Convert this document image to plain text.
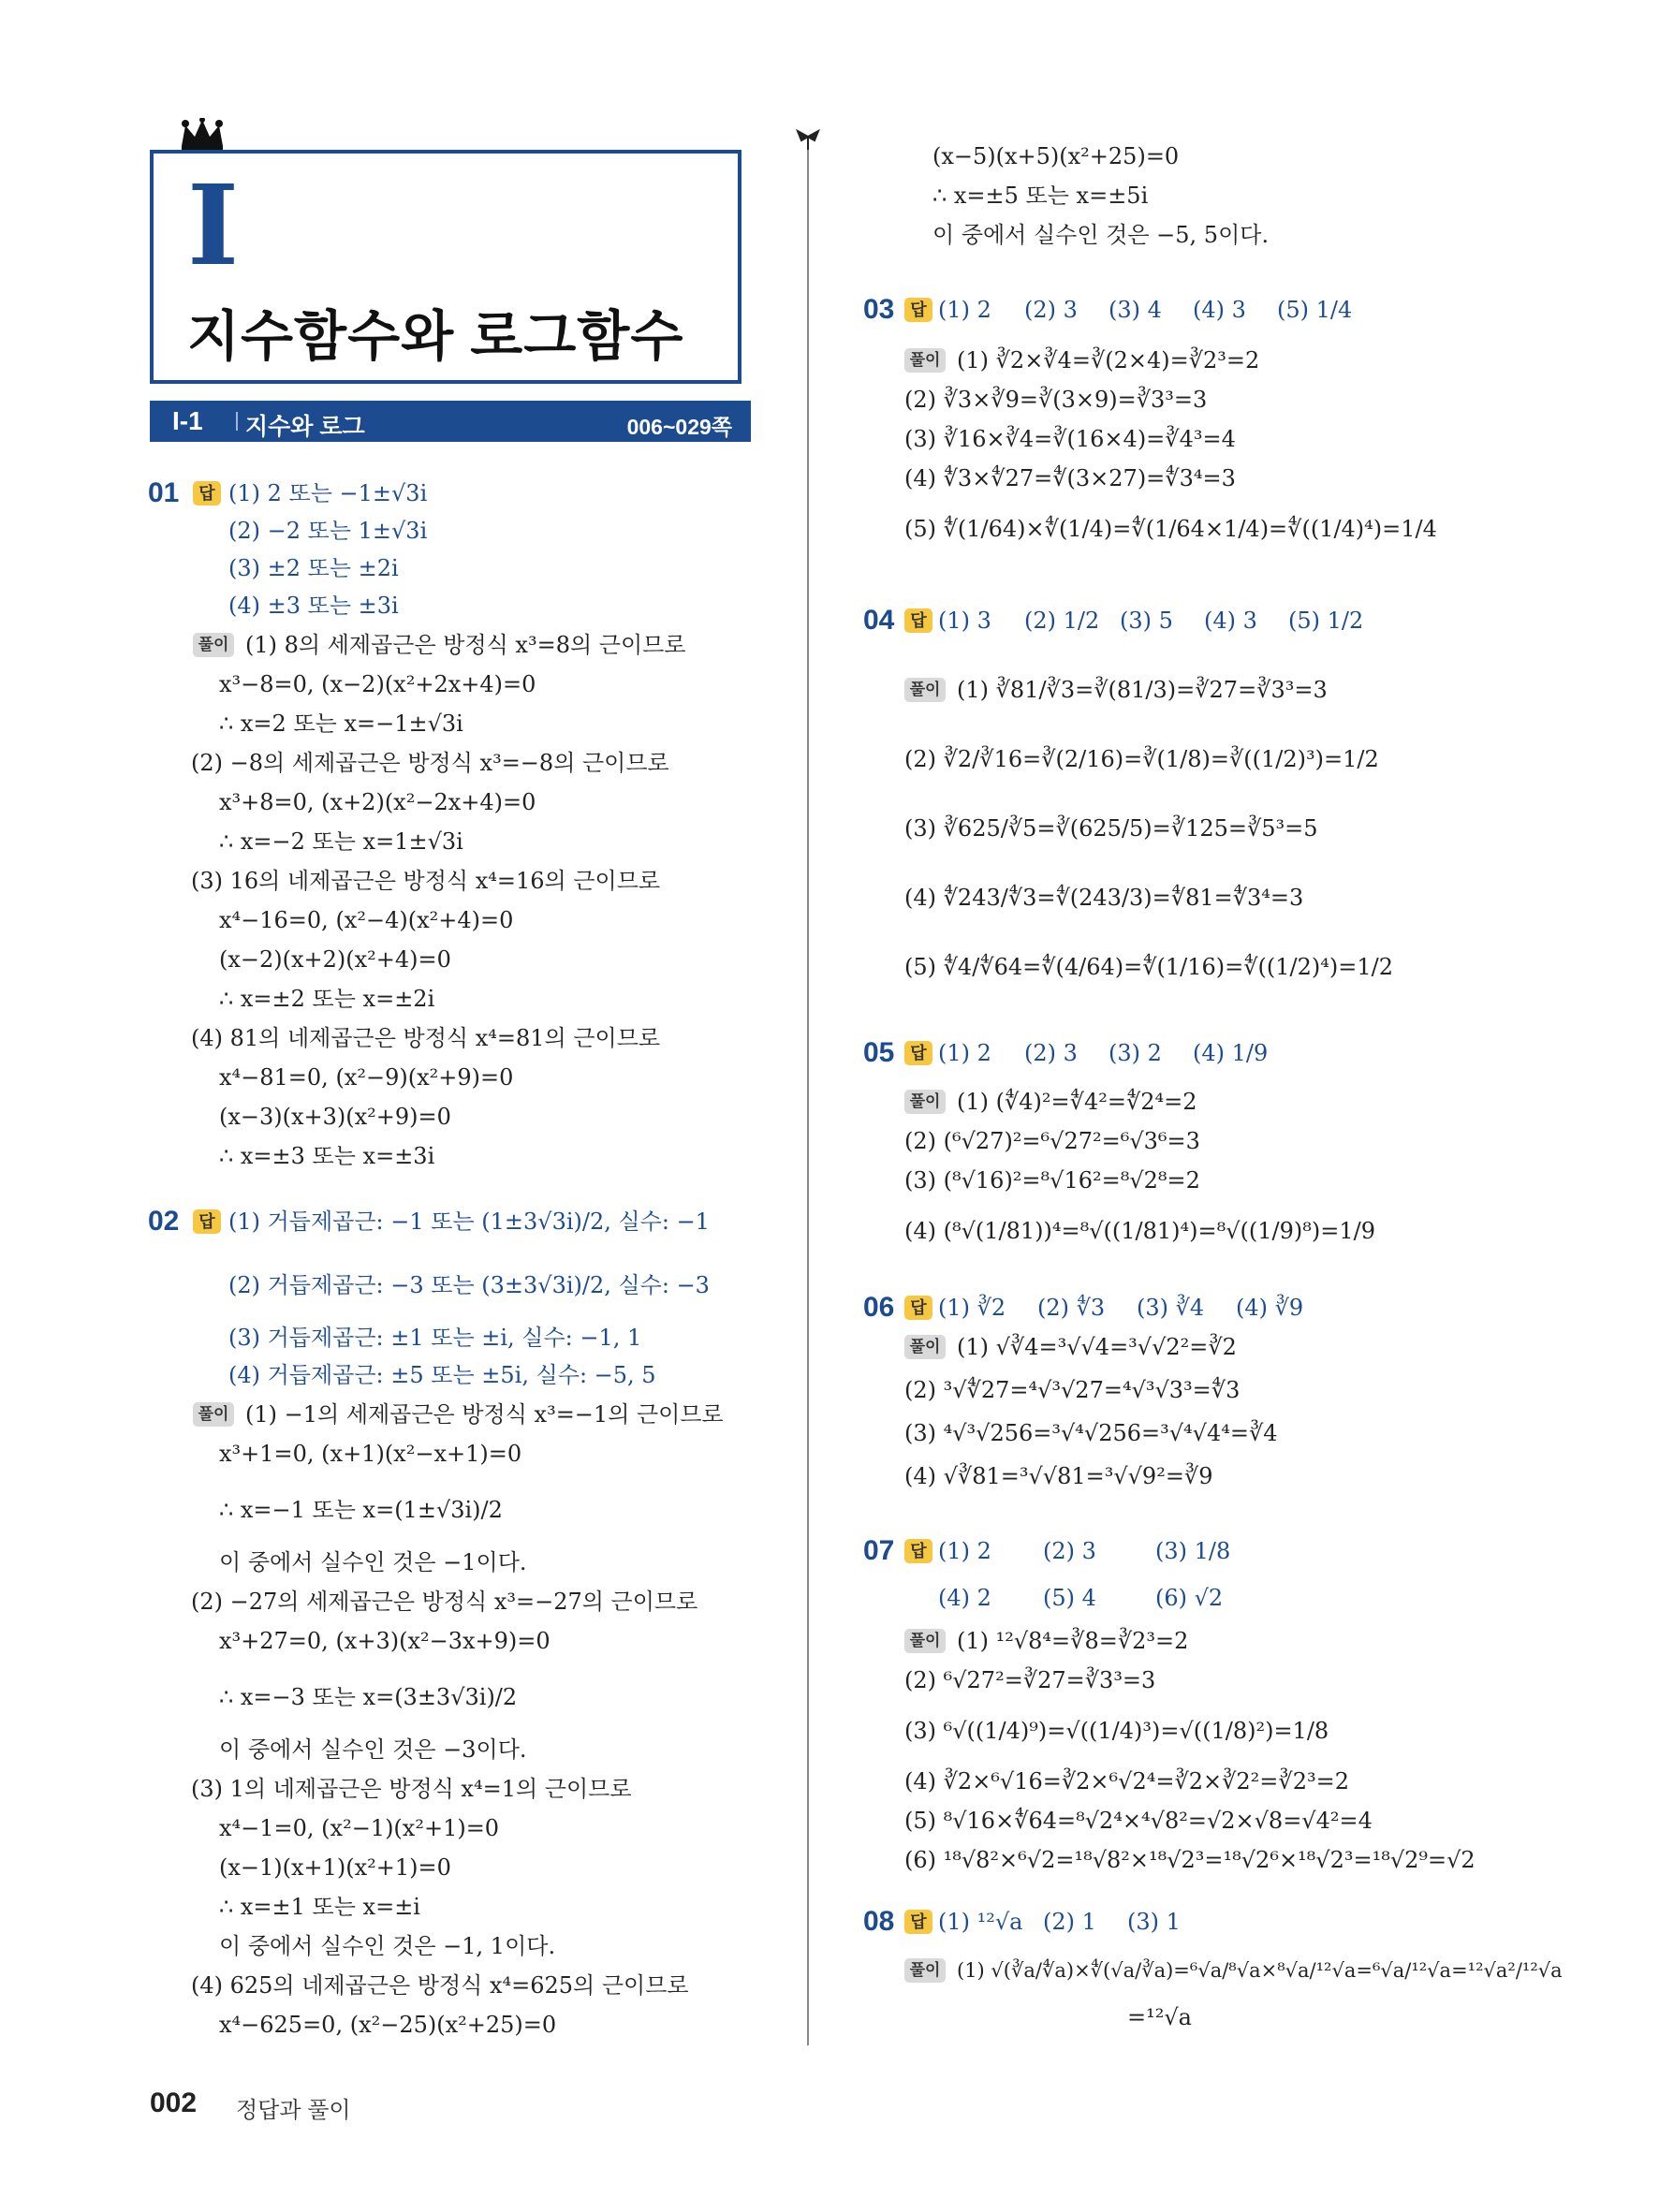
I
지수함수와 로그함수
I-1 지수와 로그	006~029쪽
01	답 (1) 2 또는 −1±√3i
(2) −2 또는 1±√3i
(3) ±2 또는 ±2i
(4) ±3 또는 ±3i
풀이 (1) 8의 세제곱근은 방정식 x³=8의 근이므로
x³−8=0, (x−2)(x²+2x+4)=0
∴ x=2 또는 x=−1±√3i
(2) −8의 세제곱근은 방정식 x³=−8의 근이므로
x³+8=0, (x+2)(x²−2x+4)=0
∴ x=−2 또는 x=1±√3i
(3) 16의 네제곱근은 방정식 x⁴=16의 근이므로
x⁴−16=0, (x²−4)(x²+4)=0
(x−2)(x+2)(x²+4)=0
∴ x=±2 또는 x=±2i
(4) 81의 네제곱근은 방정식 x⁴=81의 근이므로
x⁴−81=0, (x²−9)(x²+9)=0
(x−3)(x+3)(x²+9)=0
∴ x=±3 또는 x=±3i
02	답 (1) 거듭제곱근: −1 또는 (1±3√3i)/2, 실수: −1
(2) 거듭제곱근: −3 또는 (3±3√3i)/2, 실수: −3
(3) 거듭제곱근: ±1 또는 ±i, 실수: −1, 1
(4) 거듭제곱근: ±5 또는 ±5i, 실수: −5, 5
풀이 (1) −1의 세제곱근은 방정식 x³=−1의 근이므로
x³+1=0, (x+1)(x²−x+1)=0
∴ x=−1 또는 x=(1±√3i)/2
이 중에서 실수인 것은 −1이다.
(2) −27의 세제곱근은 방정식 x³=−27의 근이므로
x³+27=0, (x+3)(x²−3x+9)=0
∴ x=−3 또는 x=(3±3√3i)/2
이 중에서 실수인 것은 −3이다.
(3) 1의 네제곱근은 방정식 x⁴=1의 근이므로
x⁴−1=0, (x²−1)(x²+1)=0
(x−1)(x+1)(x²+1)=0
∴ x=±1 또는 x=±i
이 중에서 실수인 것은 −1, 1이다.
(4) 625의 네제곱근은 방정식 x⁴=625의 근이므로
x⁴−625=0, (x²−25)(x²+25)=0
(x−5)(x+5)(x²+25)=0
∴ x=±5 또는 x=±5i
이 중에서 실수인 것은 −5, 5이다.
03 답 (1) 2 (2) 3 (3) 4 (4) 3 (5) 1/4
풀이 (1) ∛2×∛4=∛(2×4)=∛2³=2
(2) ∛3×∛9=∛(3×9)=∛3³=3
(3) ∛16×∛4=∛(16×4)=∛4³=4
(4) ∜3×∜27=∜(3×27)=∜3⁴=3
(5) ∜(1/64)×∜(1/4)=∜(1/64×1/4)=∜((1/4)⁴)=1/4
04 답 (1) 3 (2) 1/2 (3) 5 (4) 3 (5) 1/2
풀이 (1) ∛81/∛3=∛(81/3)=∛27=∛3³=3
(2) ∛2/∛16=∛(2/16)=∛(1/8)=∛((1/2)³)=1/2
(3) ∛625/∛5=∛(625/5)=∛125=∛5³=5
(4) ∜243/∜3=∜(243/3)=∜81=∜3⁴=3
(5) ∜4/∜64=∜(4/64)=∜(1/16)=∜((1/2)⁴)=1/2
05 답 (1) 2 (2) 3 (3) 2 (4) 1/9
풀이 (1) (∜4)²=∜4²=∜2⁴=2
(2) (⁶√27)²=⁶√27²=⁶√3⁶=3
(3) (⁸√16)²=⁸√16²=⁸√2⁸=2
(4) (⁸√(1/81))⁴=⁸√((1/81)⁴)=⁸√((1/9)⁸)=1/9
06 답 (1) ∛2 (2) ∜3 (3) ∛4 (4) ∛9
풀이 (1) √∛4=³√√4=³√√2²=∛2
(2) ³√∜27=⁴√³√27=⁴√³√3³=∜3
(3) ⁴√³√256=³√⁴√256=³√⁴√4⁴=∛4
(4) √∛81=³√√81=³√√9²=∛9
07 답 (1) 2 (2) 3	(3) 1/8
(4) 2 (5) 4	(6) √2
풀이 (1) ¹²√8⁴=∛8=∛2³=2
(2) ⁶√27²=∛27=∛3³=3
(3) ⁶√((1/4)⁹)=√((1/4)³)=√((1/8)²)=1/8
(4) ∛2×⁶√16=∛2×⁶√2⁴=∛2×∛2²=∛2³=2
(5) ⁸√16×∜64=⁸√2⁴×⁴√8²=√2×√8=√4²=4
(6) ¹⁸√8²×⁶√2=¹⁸√8²×¹⁸√2³=¹⁸√2⁶×¹⁸√2³=¹⁸√2⁹=√2
08 답 (1) ¹²√a (2) 1 (3) 1
풀이 (1) √(∛a/∜a)×∜(√a/∛a)=⁶√a/⁸√a×⁸√a/¹²√a=⁶√a/¹²√a=¹²√a²/¹²√a
=¹²√a
002 정답과 풀이
